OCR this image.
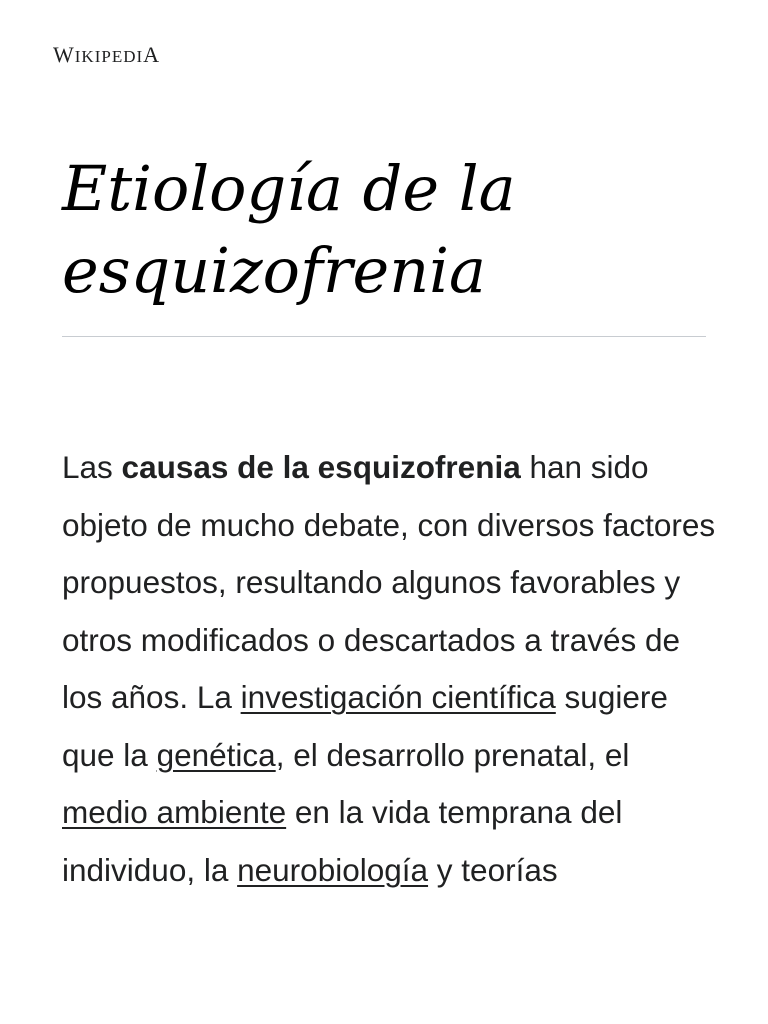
WIKIPEDIA
Etiología de la esquizofrenia

Las causas de la esquizofrenia han sido objeto de mucho debate, con diversos factores propuestos, resultando algunos favorables y otros modificados o descartados a través de los años. La investigación científica sugiere que la genética, el desarrollo prenatal, el medio ambiente en la vida temprana del individuo, la neurobiología y teorías
